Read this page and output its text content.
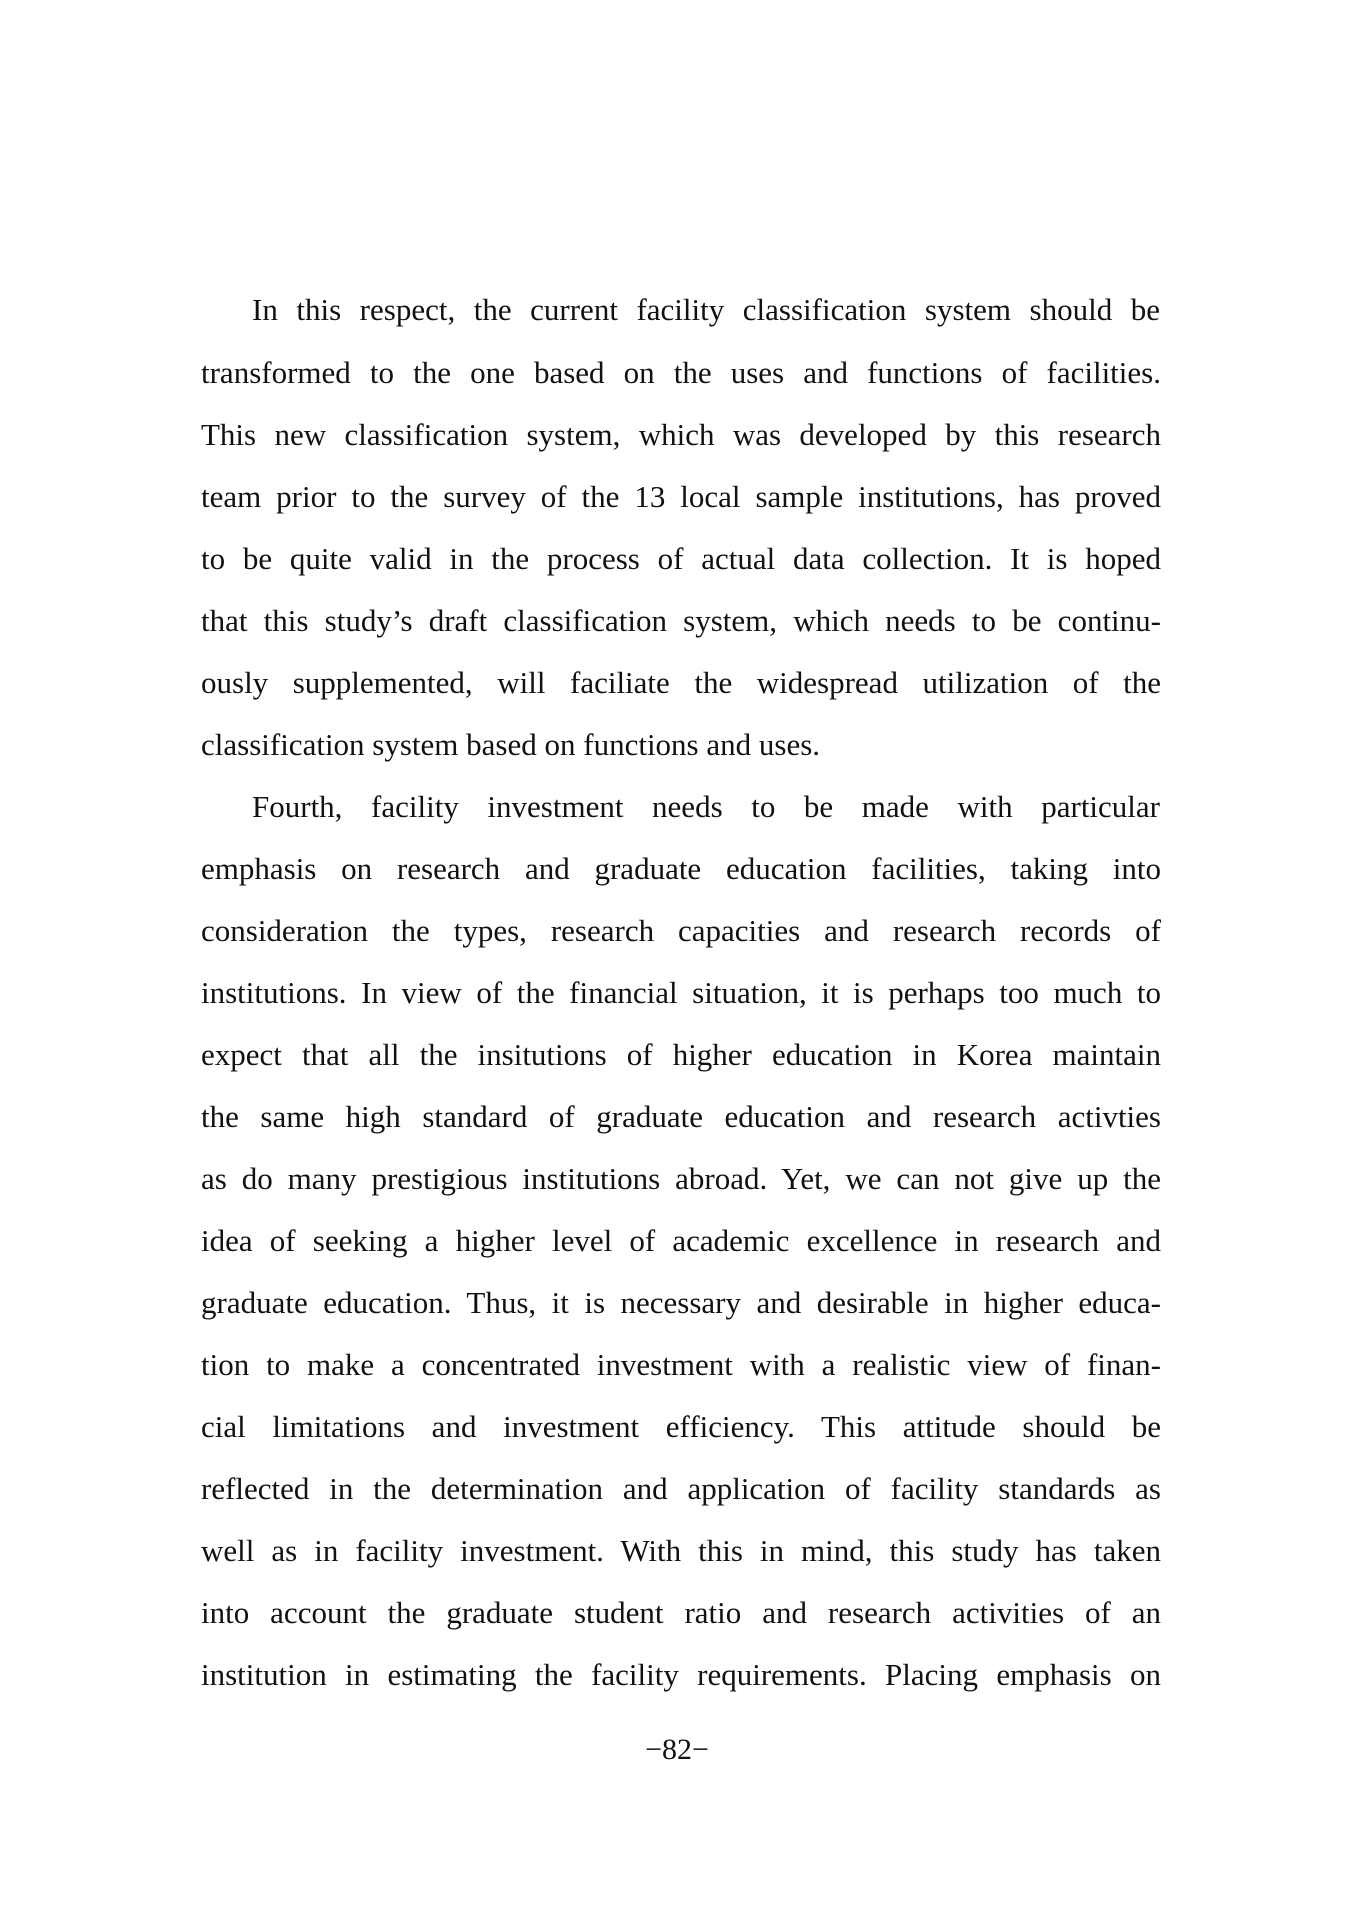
In this respect, the current facility classification system should be
transformed to the one based on the uses and functions of facilities.
This new classification system, which was developed by this research
team prior to the survey of the 13 local sample institutions, has proved
to be quite valid in the process of actual data collection. It is hoped
that this study’s draft classification system, which needs to be continu-
ously supplemented, will faciliate the widespread utilization of the
classification system based on functions and uses.
Fourth, facility investment needs to be made with particular
emphasis on research and graduate education facilities, taking into
consideration the types, research capacities and research records of
institutions. In view of the financial situation, it is perhaps too much to
expect that all the insitutions of higher education in Korea maintain
the same high standard of graduate education and research activties
as do many prestigious institutions abroad. Yet, we can not give up the
idea of seeking a higher level of academic excellence in research and
graduate education. Thus, it is necessary and desirable in higher educa-
tion to make a concentrated investment with a realistic view of finan-
cial limitations and investment efficiency. This attitude should be
reflected in the determination and application of facility standards as
well as in facility investment. With this in mind, this study has taken
into account the graduate student ratio and research activities of an
institution in estimating the facility requirements. Placing emphasis on
−82−
